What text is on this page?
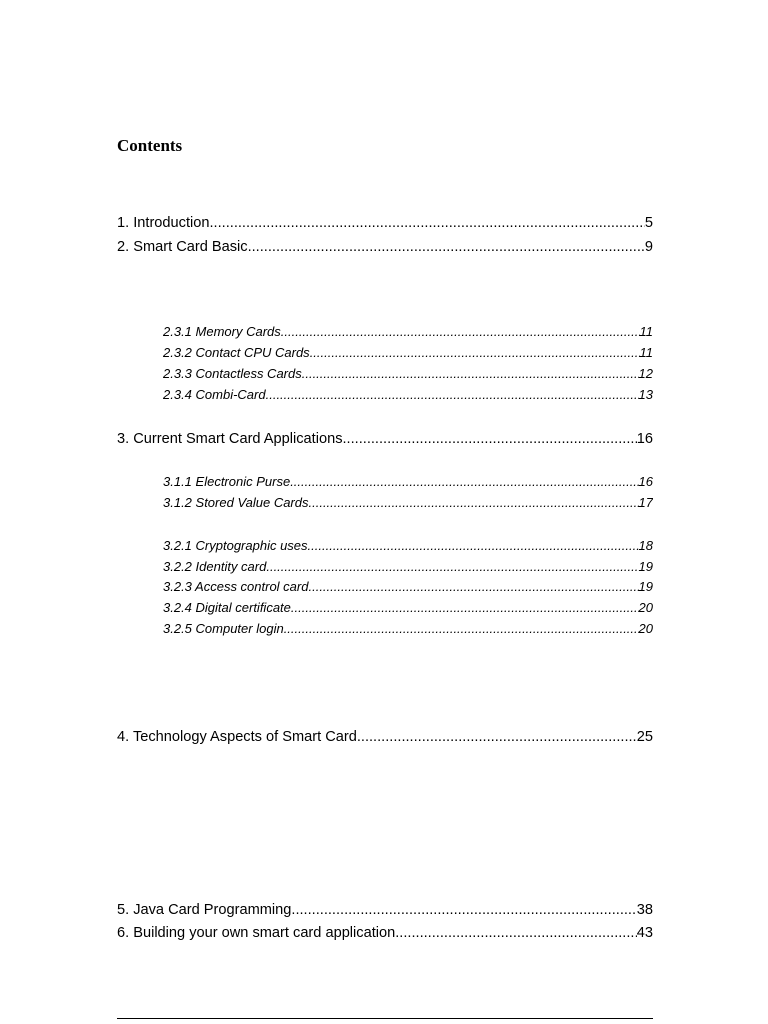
Contents
1. Introduction .....	5
2. Smart Card Basic .....	9
2.3.1 Memory Cards .....	11
2.3.2 Contact CPU Cards .....	11
2.3.3 Contactless Cards .....	12
2.3.4 Combi-Card .....	13
3. Current Smart Card Applications .....	16
3.1.1 Electronic Purse .....	16
3.1.2 Stored Value Cards .....	17
3.2.1 Cryptographic uses .....	18
3.2.2 Identity card .....	19
3.2.3 Access control card .....	19
3.2.4 Digital certificate .....	20
3.2.5 Computer login .....	20
4. Technology Aspects of Smart Card .....	25
5. Java Card Programming .....	38
6. Building your own smart card application .....	43
